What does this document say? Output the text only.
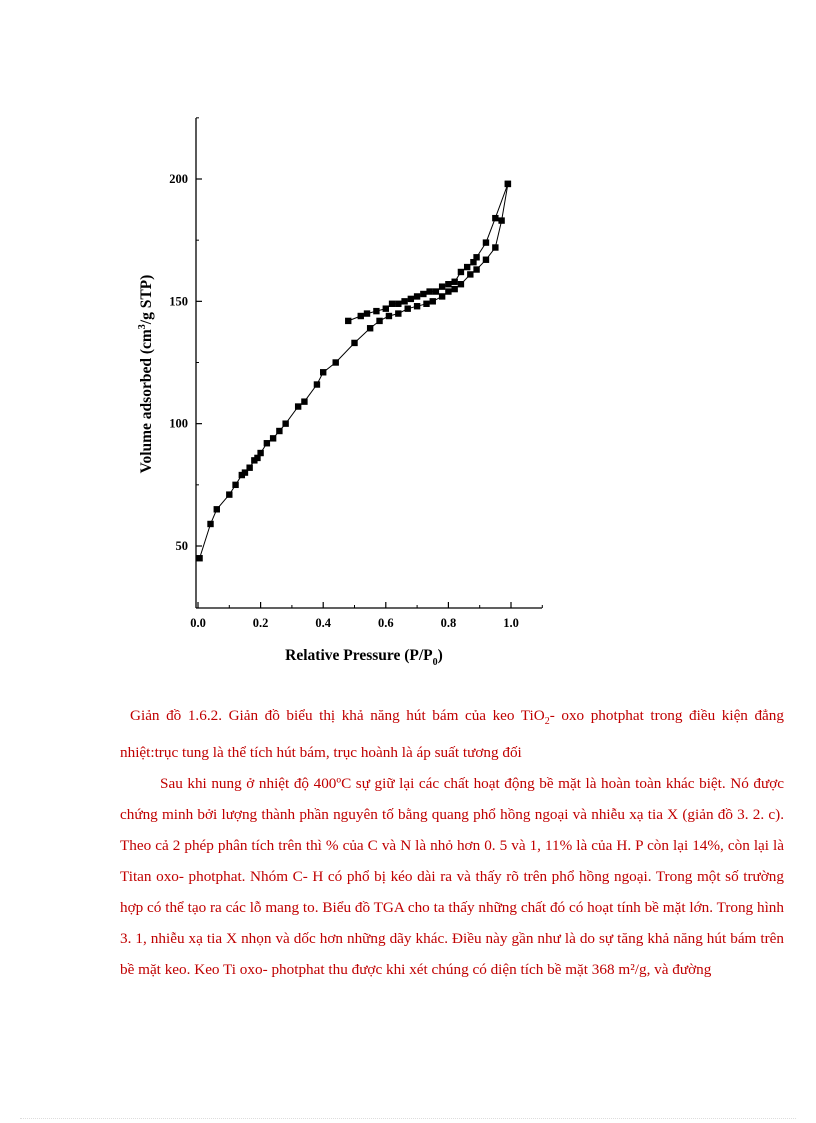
0.0	0.2	0.4	0.6	0.8	1.0
50
100
150
200
Relative Pressure $(P/P_0)$
Volume adsorbed ($cm^3/g$ STP)

Giản đồ 1.6.2. Giản đồ biểu thị khả năng hút bám của keo TiO$_2$- oxo photphat trong điều kiện đẳng nhiệt:trục tung là thể tích hút bám, trục hoành là áp suất tương đối

Sau khi nung ở nhiệt độ 400ºC sự giữ lại các chất hoạt động bề mặt là hoàn toàn khác biệt. Nó được chứng minh bởi lượng thành phần nguyên tố bằng quang phổ hồng ngoại và nhiễu xạ tia X (giản đồ 3. 2. c). Theo cả 2 phép phân tích trên thì % của C và N là nhỏ hơn 0. 5 và 1, 11% là của H. P còn lại 14%, còn lại là Titan oxo- photphat. Nhóm C- H có phổ bị kéo dài ra và thấy rõ trên phổ hồng ngoại. Trong một số trường hợp có thể tạo ra các lỗ mang to. Biểu đồ TGA cho ta thấy những chất đó có hoạt tính bề mặt lớn. Trong hình 3. 1, nhiễu xạ tia X nhọn và dốc hơn những dãy khác. Điều này gần như là do sự tăng khả năng hút bám trên bề mặt keo. Keo Ti oxo- photphat thu được khi xét chúng có diện tích bề mặt 368 m²/g, và đường
